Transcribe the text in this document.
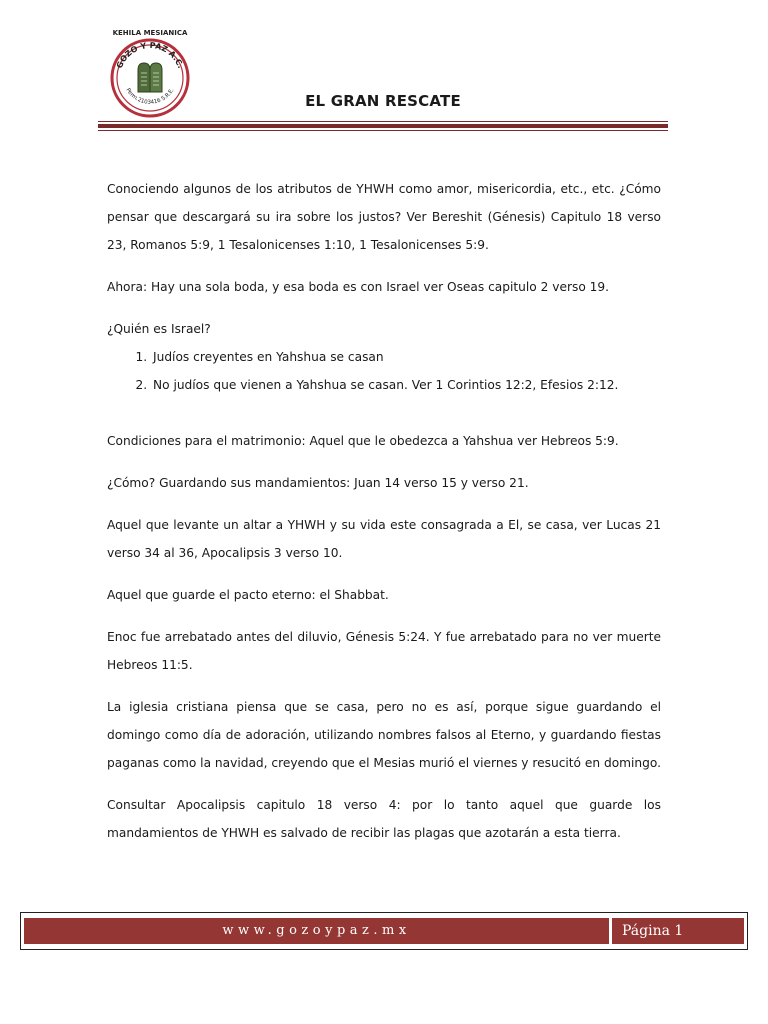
KEHILA MESIANICA
GOZO Y PAZ A.C.
Perm.2103416 S.R.E.
EL GRAN RESCATE

Conociendo algunos de los atributos de YHWH como amor, misericordia, etc., etc. ¿Cómo pensar que descargará su ira sobre los justos? Ver Bereshit (Génesis) Capitulo 18 verso 23, Romanos 5:9, 1 Tesalonicenses 1:10, 1 Tesalonicenses 5:9.

Ahora: Hay una sola boda, y esa boda es con Israel ver Oseas capitulo 2 verso 19.

¿Quién es Israel?

1. Judíos creyentes en Yahshua se casan
2. No judíos que vienen a Yahshua se casan. Ver 1 Corintios 12:2, Efesios 2:12.

Condiciones para el matrimonio: Aquel que le obedezca a Yahshua ver Hebreos 5:9.

¿Cómo? Guardando sus mandamientos: Juan 14 verso 15 y verso 21.

Aquel que levante un altar a YHWH y su vida este consagrada a El, se casa, ver Lucas 21 verso 34 al 36, Apocalipsis 3 verso 10.

Aquel que guarde el pacto eterno: el Shabbat.

Enoc fue arrebatado antes del diluvio, Génesis 5:24. Y fue arrebatado para no ver muerte Hebreos 11:5.

La iglesia cristiana piensa que se casa, pero no es así, porque sigue guardando el domingo como día de adoración, utilizando nombres falsos al Eterno, y guardando fiestas paganas como la navidad, creyendo que el Mesias murió el viernes y resucitó en domingo.

Consultar Apocalipsis capitulo 18 verso 4: por lo tanto aquel que guarde los mandamientos de YHWH es salvado de recibir las plagas que azotarán a esta tierra.

www.gozoypaz.mx	Página 1
